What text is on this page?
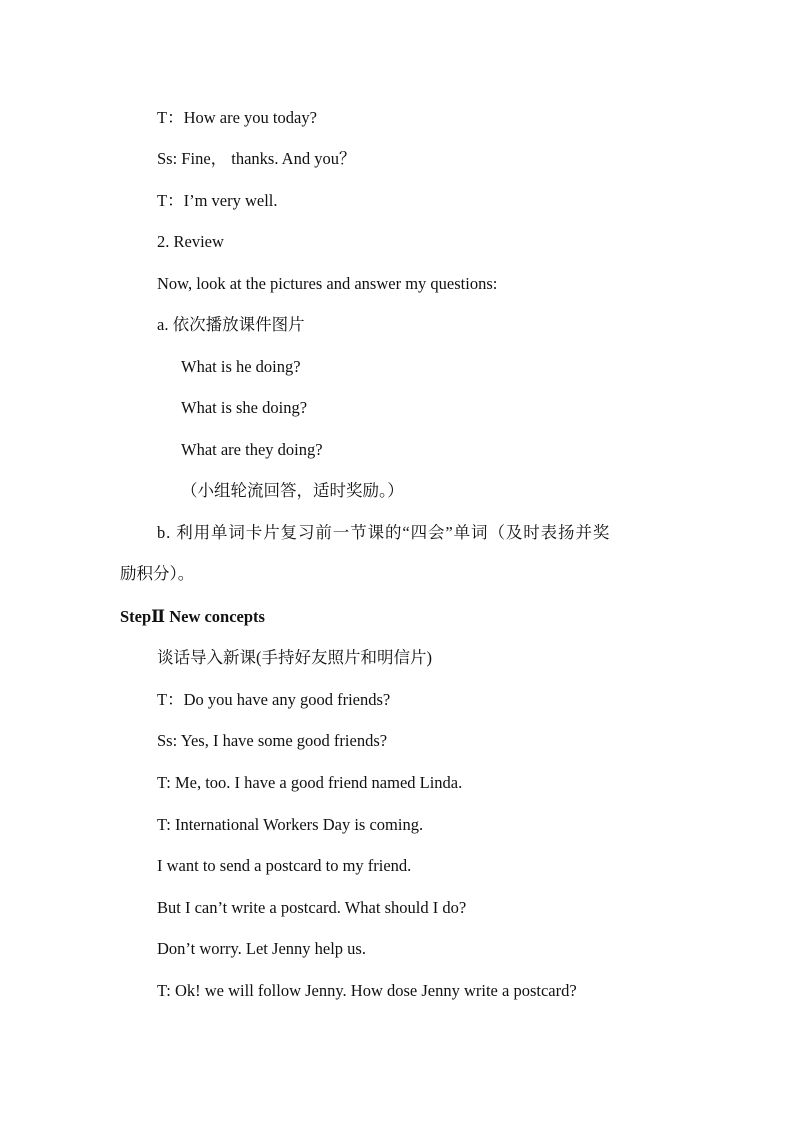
T：How are you today?
Ss: Fine， thanks. And you？
T：I’m very well.
2. Review
Now, look at the pictures and answer my questions:
a. 依次播放课件图片
What is he doing?
What is she doing?
What are they doing?
（小组轮流回答，适时奖励。）
b. 利用单词卡片复习前一节课的“四会”单词（及时表扬并奖
励积分）。
StepⅡ New concepts
谈话导入新课(手持好友照片和明信片)
T：Do you have any good friends?
Ss: Yes, I have some good friends?
T: Me, too. I have a good friend named Linda.
T: International Workers Day is coming.
I want to send a postcard to my friend.
But I can’t write a postcard. What should I do?
Don’t worry. Let Jenny help us.
T: Ok! we will follow Jenny. How dose Jenny write a postcard?
